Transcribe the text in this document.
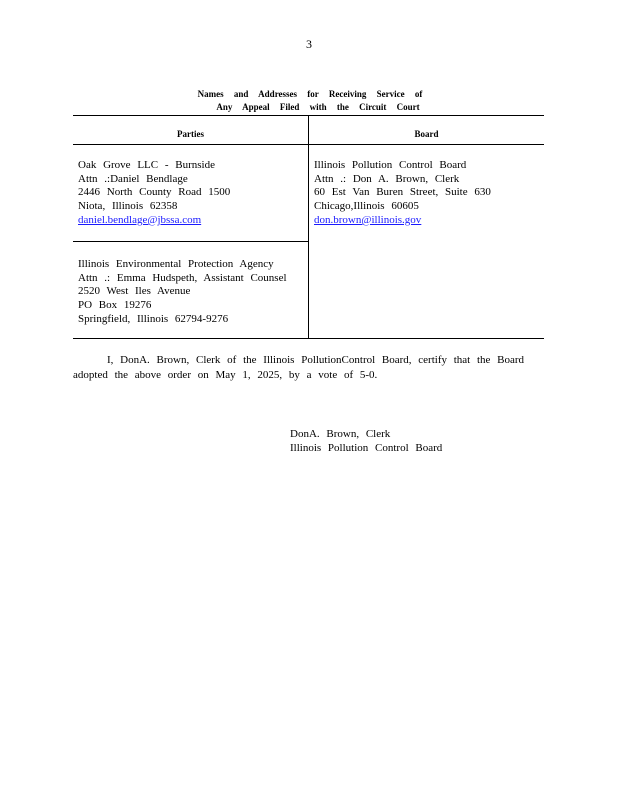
3
Names and Addresses for Receiving Service of
Any Appeal Filed with the Circuit Court
Parties	Board
Oak Grove LLC - Burnside
Attn .:Daniel Bendlage
2446 North County Road 1500
Niota, Illinois 62358
daniel.bendlage@jbssa.com
Illinois Pollution Control Board
Attn .: Don A. Brown, Clerk
60 Est Van Buren Street, Suite 630
Chicago,Illinois 60605
don.brown@illinois.gov
Illinois Environmental Protection Agency
Attn .: Emma Hudspeth, Assistant Counsel
2520 West Iles Avenue
PO Box 19276
Springfield, Illinois 62794-9276
I, DonA. Brown, Clerk of the Illinois PollutionControl Board, certify that the Board
adopted the above order on May 1, 2025, by a vote of 5-0.
DonA. Brown, Clerk
Illinois Pollution Control Board
